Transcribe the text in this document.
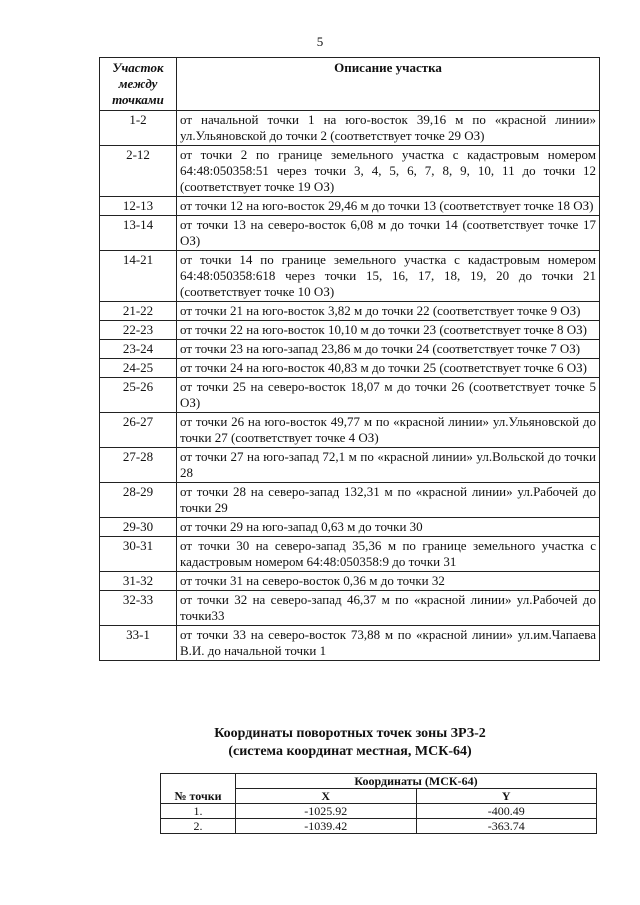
5
Участок между точками	Описание участка
1-2	от начальной точки 1 на юго-восток 39,16 м по «красной линии» ул.Ульяновской до точки 2 (соответствует точке 29 ОЗ)
2-12	от точки 2 по границе земельного участка с кадастровым номером 64:48:050358:51 через точки 3, 4, 5, 6, 7, 8, 9, 10, 11 до точки 12 (соответствует точке 19 ОЗ)
12-13	от точки 12 на юго-восток 29,46 м до точки 13 (соответствует точке 18 ОЗ)
13-14	от точки 13 на северо-восток 6,08 м до точки 14 (соответствует точке 17 ОЗ)
14-21	от точки 14 по границе земельного участка с кадастровым номером 64:48:050358:618 через точки 15, 16, 17, 18, 19, 20 до точки 21 (соответствует точке 10 ОЗ)
21-22	от точки 21 на юго-восток 3,82 м до точки 22 (соответствует точке 9 ОЗ)
22-23	от точки 22 на юго-восток 10,10 м до точки 23 (соответствует точке 8 ОЗ)
23-24	от точки 23 на юго-запад 23,86 м до точки 24 (соответствует точке 7 ОЗ)
24-25	от точки 24 на юго-восток 40,83 м до точки 25 (соответствует точке 6 ОЗ)
25-26	от точки 25 на северо-восток 18,07 м до точки 26 (соответствует точке 5 ОЗ)
26-27	от точки 26 на юго-восток 49,77 м по «красной линии» ул.Ульяновской до точки 27 (соответствует точке 4 ОЗ)
27-28	от точки 27 на юго-запад 72,1 м по «красной линии» ул.Вольской до точки 28
28-29	от точки 28 на северо-запад 132,31 м по «красной линии» ул.Рабочей до точки 29
29-30	от точки 29 на юго-запад 0,63 м до точки 30
30-31	от точки 30 на северо-запад 35,36 м по границе земельного участка с кадастровым номером 64:48:050358:9 до точки 31
31-32	от точки 31 на северо-восток 0,36 м до точки 32
32-33	от точки 32 на северо-запад 46,37 м по «красной линии» ул.Рабочей до точки33
33-1	от точки 33 на северо-восток 73,88 м по «красной линии» ул.им.Чапаева В.И. до начальной точки 1
Координаты поворотных точек зоны ЗРЗ-2
(система координат местная, МСК-64)
№ точки	Координаты (МСК-64)	
	X	Y
1.	-1025.92	-400.49
2.	-1039.42	-363.74
